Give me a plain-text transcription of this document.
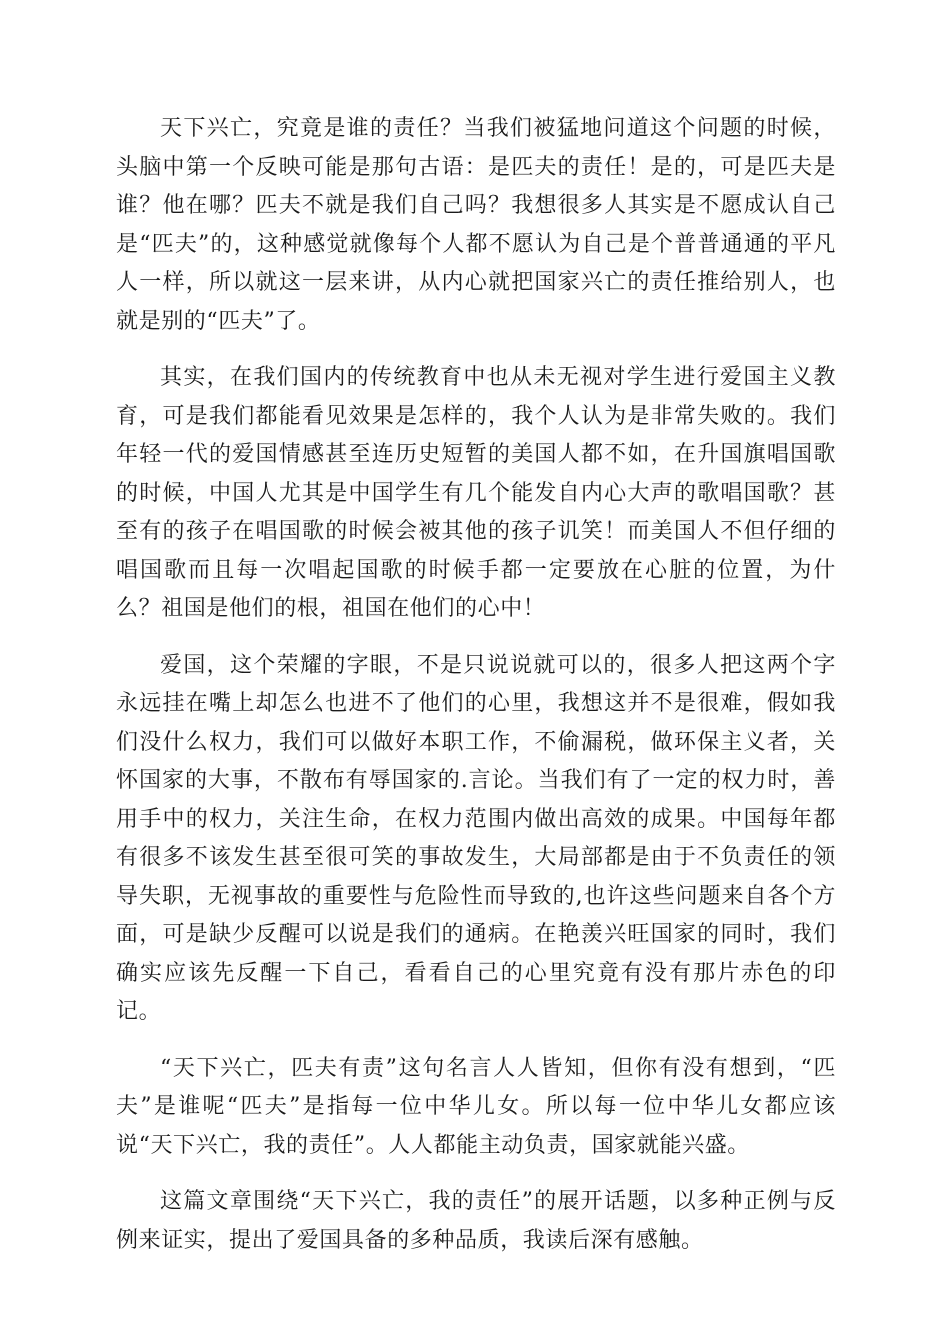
天下兴亡，究竟是谁的责任？当我们被猛地问道这个问题的时候，头脑中第一个反映可能是那句古语：是匹夫的责任！是的，可是匹夫是谁？他在哪？匹夫不就是我们自己吗？我想很多人其实是不愿成认自己是“匹夫”的，这种感觉就像每个人都不愿认为自己是个普普通通的平凡人一样，所以就这一层来讲，从内心就把国家兴亡的责任推给别人，也就是别的“匹夫”了。

其实，在我们国内的传统教育中也从未无视对学生进行爱国主义教育，可是我们都能看见效果是怎样的，我个人认为是非常失败的。我们年轻一代的爱国情感甚至连历史短暂的美国人都不如，在升国旗唱国歌的时候，中国人尤其是中国学生有几个能发自内心大声的歌唱国歌？甚至有的孩子在唱国歌的时候会被其他的孩子讥笑！而美国人不但仔细的唱国歌而且每一次唱起国歌的时候手都一定要放在心脏的位置，为什么？祖国是他们的根，祖国在他们的心中！

爱国，这个荣耀的字眼，不是只说说就可以的，很多人把这两个字永远挂在嘴上却怎么也进不了他们的心里，我想这并不是很难，假如我们没什么权力，我们可以做好本职工作，不偷漏税，做环保主义者，关怀国家的大事，不散布有辱国家的.言论。当我们有了一定的权力时，善用手中的权力，关注生命，在权力范围内做出高效的成果。中国每年都有很多不该发生甚至很可笑的事故发生，大局部都是由于不负责任的领导失职，无视事故的重要性与危险性而导致的,也许这些问题来自各个方面，可是缺少反醒可以说是我们的通病。在艳羡兴旺国家的同时，我们确实应该先反醒一下自己，看看自己的心里究竟有没有那片赤色的印记。

“天下兴亡，匹夫有责”这句名言人人皆知，但你有没有想到，“匹夫”是谁呢“匹夫”是指每一位中华儿女。所以每一位中华儿女都应该说“天下兴亡，我的责任”。人人都能主动负责，国家就能兴盛。

这篇文章围绕“天下兴亡，我的责任”的展开话题，以多种正例与反例来证实，提出了爱国具备的多种品质，我读后深有感触。
